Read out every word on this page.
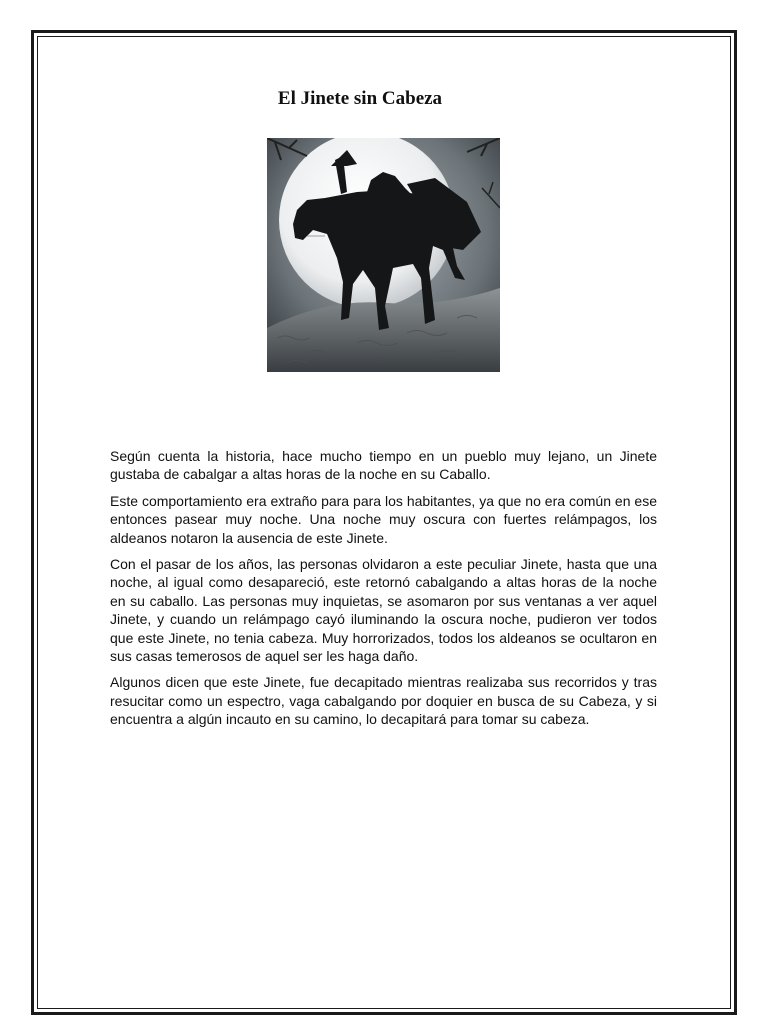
El Jinete sin Cabeza

Según cuenta la historia, hace mucho tiempo en un pueblo muy lejano, un Jinete gustaba de cabalgar a altas horas de la noche en su Caballo.

Este comportamiento era extraño para para los habitantes, ya que no era común en ese entonces pasear muy noche. Una noche muy oscura con fuertes relámpagos, los aldeanos notaron la ausencia de este Jinete.

Con el pasar de los años, las personas olvidaron a este peculiar Jinete, hasta que una noche, al igual como desapareció, este retornó cabalgando a altas horas de la noche en su caballo. Las personas muy inquietas, se asomaron por sus ventanas a ver aquel Jinete, y cuando un relámpago cayó iluminando la oscura noche, pudieron ver todos que este Jinete, no tenia cabeza. Muy horrorizados, todos los aldeanos se ocultaron en sus casas temerosos de aquel ser les haga daño.

Algunos dicen que este Jinete, fue decapitado mientras realizaba sus recorridos y tras resucitar como un espectro, vaga cabalgando por doquier en busca de su Cabeza, y si encuentra a algún incauto en su camino, lo decapitará para tomar su cabeza.
